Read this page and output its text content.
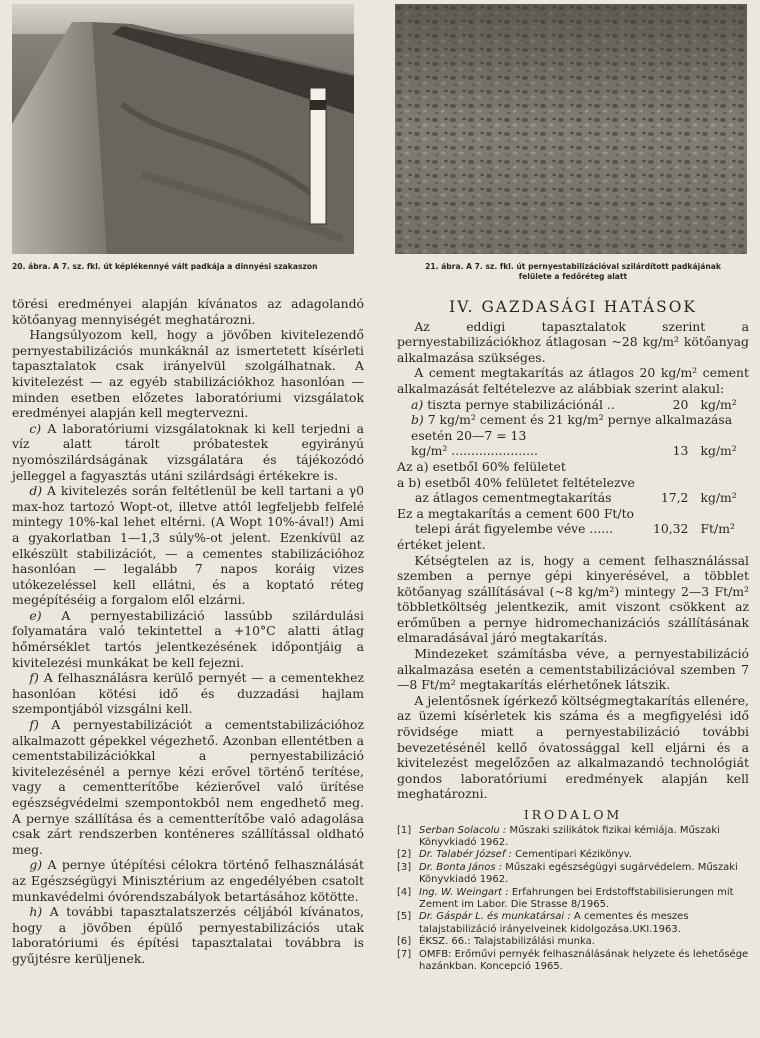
20. ábra. A 7. sz. fkl. út képlékennyé vált padkája a dinnyési szakaszon	21. ábra. A 7. sz. fkl. út pernyestabilizációval szilárdított padkájának
felülete a fedőréteg alatt

törési eredményei alapján kívánatos az adagolandó kötőanyag mennyiségét meghatározni.

Hangsúlyozom kell, hogy a jövőben kivitelezendő pernyestabilizációs munkáknál az ismertetett kísérleti tapasztalatok csak irányelvül szolgálhatnak. A kivitelezést — az egyéb stabilizációkhoz hasonlóan — minden esetben előzetes laboratóriumi vizsgálatok eredményei alapján kell megtervezni.

c) A laboratóriumi vizsgálatoknak ki kell terjedni a víz alatt tárolt próbatestek egyirányú nyomószilárdságának vizsgálatára és tájékozódó jelleggel a fagyasztás utáni szilárdsági értékekre is.

d) A kivitelezés során feltétlenül be kell tartani a γ0 max-hoz tartozó Wopt-ot, illetve attól legfeljebb felfelé mintegy 10%-kal lehet eltérni. (A Wopt 10%-ával!) Ami a gyakorlatban 1—1,3 súly%-ot jelent. Ezenkívül az elkészült stabilizációt, — a cementes stabilizációhoz hasonlóan — legalább 7 napos koráig vizes utókezeléssel kell ellátni, és a koptató réteg megépítéséig a forgalom elől elzárni.

e) A pernyestabilizáció lassúbb szilárdulási folyamatára való tekintettel a +10°C alatti átlag hőmérséklet tartós jelentkezésének időpontjáig a kivitelezési munkákat be kell fejezni.

f) A felhasználásra kerülő pernyét — a cementekhez hasonlóan kötési idő és duzzadási hajlam szempontjából vizsgálni kell.

f) A pernyestabilizációt a cementstabilizációhoz alkalmazott gépekkel végezhető. Azonban ellentétben a cementstabilizációkkal a pernyestabilizáció kivitelezésénél a pernye kézi erővel történő terítése, vagy a cementterítőbe kézierővel való ürítése egészségvédelmi szempontokból nem engedhető meg. A pernye szállítása és a cementterítőbe való adagolása csak zárt rendszerben konténeres szállítással oldható meg.

g) A pernye útépítési célokra történő felhasználását az Egészségügyi Minisztérium az engedélyében csatolt munkavédelmi óvórendszabályok betartásához kötötte.

h) A további tapasztalatszerzés céljából kívánatos, hogy a jövőben épülő pernyestabilizációs utak laboratóriumi és építési tapasztalatai továbbra is gyűjtésre kerüljenek.

IV. GAZDASÁGI HATÁSOK

Az eddigi tapasztalatok szerint a pernyestabilizációkhoz átlagosan ~28 kg/m² kötőanyag alkalmazása szükséges.

A cement megtakarítás az átlagos 20 kg/m² cement alkalmazását feltételezve az alábbiak szerint alakul:

a) tiszta pernye stabilizációnál ..	20	kg/m²
b) 7 kg/m² cement és 21 kg/m² pernye alkalmazása esetén 20—7 = 13		
kg/m² ......................	13	kg/m²
Az a) esetből 60% felületet		
a b) esetből 40% felületet feltételezve		
az átlagos cementmegtakarítás	17,2	kg/m²
Ez a megtakarítás a cement 600 Ft/to		
telepi árát figyelembe véve ......	10,32	Ft/m²
értéket jelent.		

Kétségtelen az is, hogy a cement felhasználással szemben a pernye gépi kinyerésével, a többlet kötőanyag szállításával (~8 kg/m²) mintegy 2—3 Ft/m² többletköltség jelentkezik, amit viszont csökkent az erőműben a pernye hidromechanizációs szállításának elmaradásával járó megtakarítás.

Mindezeket számításba véve, a pernyestabilizáció alkalmazása esetén a cementstabilizációval szemben 7—8 Ft/m² megtakarítás elérhetőnek látszik.

A jelentősnek ígérkező költségmegtakarítás ellenére, az üzemi kísérletek kis száma és a megfigyelési idő rövidsége miatt a pernyestabilizáció további bevezetésénél kellő óvatossággal kell eljárni és a kivitelezést megelőzően az alkalmazandó technológiát gondos laboratóriumi eredmények alapján kell meghatározni.

IRODALOM
[1] Serban Solacolu : Műszaki szilikátok fizikai kémiája. Műszaki Könyvkiadó 1962.
[2] Dr. Talabér József : Cementipari Kézikönyv.
[3] Dr. Bonta János : Műszaki egészségügyi sugárvédelem. Műszaki Könyvkiadó 1962.
[4] Ing. W. Weingart : Erfahrungen bei Erdstoffstabilisierungen mit Zement im Labor. Die Strasse 8/1965.
[5] Dr. Gáspár L. és munkatársai : A cementes és meszes talajstabilizáció irányelveinek kidolgozása.UKI.1963.
[6] ÉKSZ. 66.: Talajstabilizálási munka.
[7] OMFB: Erőművi pernyék felhasználásának helyzete és lehetősége hazánkban. Koncepció 1965.
